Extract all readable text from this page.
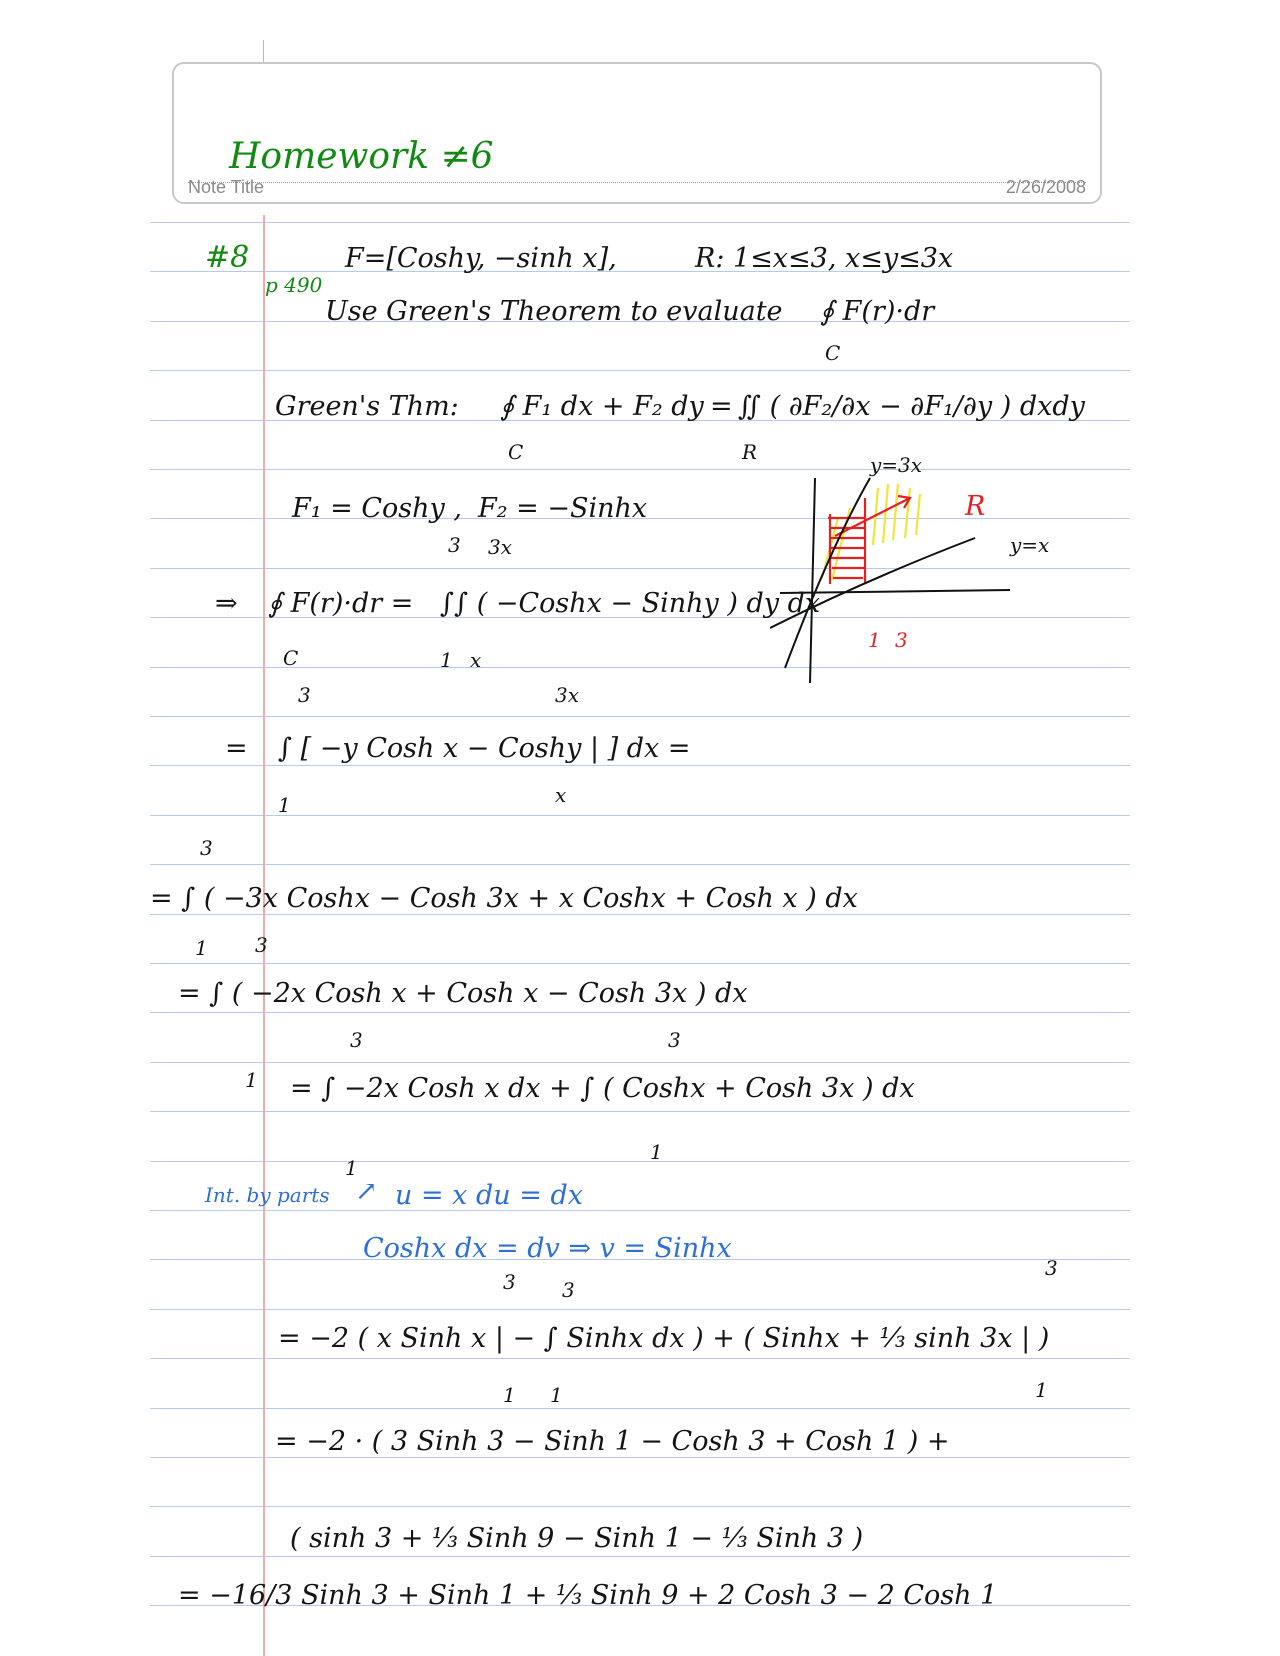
Homework ≠6
Note Title	2/26/2008
#8
p 490
F=[Coshy, −sinh x],	R: 1≤x≤3, x≤y≤3x
Use Green's Theorem to evaluate ∮ F(r)·dr
C
Green's Thm: ∮ F₁ dx + F₂ dy
C
= ∬ ( ∂F₂/∂x − ∂F₁/∂y ) dxdy
R
F₁ = Coshy , F₂ = −Sinhx
y=3x
y=x
R
1 3
⇒ ∮ F(r)·dr =
C
∫∫ ( −Coshx − Sinhy ) dy dx
3 3x
1 x
= ∫ [ −y Cosh x − Coshy | ] dx =
3	3x
1	x
= ∫ ( −3x Coshx − Cosh 3x + x Coshx + Cosh x ) dx
3
1
= ∫ ( −2x Cosh x + Cosh x − Cosh 3x ) dx
3
1 = ∫ −2x Cosh x dx + ∫ ( Coshx + Cosh 3x ) dx
3	3
1
1
Int. by parts ↗ u = x du = dx
Coshx dx = dv ⇒ v = Sinhx
= −2 ( x Sinh x | − ∫ Sinhx dx ) + ( Sinhx + ⅓ sinh 3x | )
3 3
3
1 1	1
= −2 · ( 3 Sinh 3 − Sinh 1 − Cosh 3 + Cosh 1 ) +
( sinh 3 + ⅓ Sinh 9 − Sinh 1 − ⅓ Sinh 3 )
= −16/3 Sinh 3 + Sinh 1 + ⅓ Sinh 9 + 2 Cosh 3 − 2 Cosh 1
